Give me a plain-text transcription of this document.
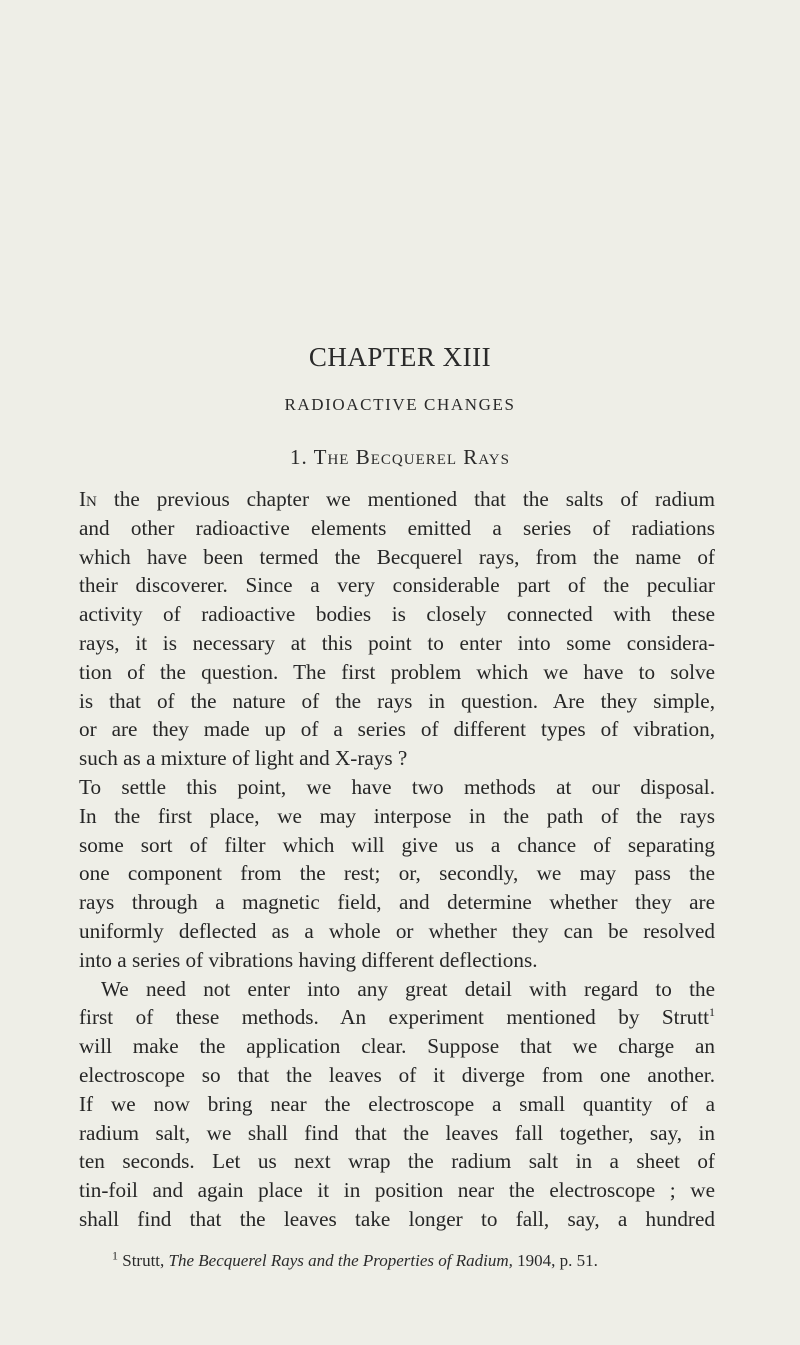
CHAPTER XIII
RADIOACTIVE CHANGES
1. The Becquerel Rays
In the previous chapter we mentioned that the salts of radium
and other radioactive elements emitted a series of radiations
which have been termed the Becquerel rays, from the name of
their discoverer. Since a very considerable part of the peculiar
activity of radioactive bodies is closely connected with these
rays, it is necessary at this point to enter into some considera-
tion of the question. The first problem which we have to solve
is that of the nature of the rays in question. Are they simple,
or are they made up of a series of different types of vibration,
such as a mixture of light and X-rays ?
To settle this point, we have two methods at our disposal.
In the first place, we may interpose in the path of the rays
some sort of filter which will give us a chance of separating
one component from the rest; or, secondly, we may pass the
rays through a magnetic field, and determine whether they are
uniformly deflected as a whole or whether they can be resolved
into a series of vibrations having different deflections.
We need not enter into any great detail with regard to the
first of these methods. An experiment mentioned by Strutt$^1$
will make the application clear. Suppose that we charge an
electroscope so that the leaves of it diverge from one another.
If we now bring near the electroscope a small quantity of a
radium salt, we shall find that the leaves fall together, say, in
ten seconds. Let us next wrap the radium salt in a sheet of
tin-foil and again place it in position near the electroscope ; we
shall find that the leaves take longer to fall, say, a hundred
$^1$ Strutt, The Becquerel Rays and the Properties of Radium, 1904, p. 51.
